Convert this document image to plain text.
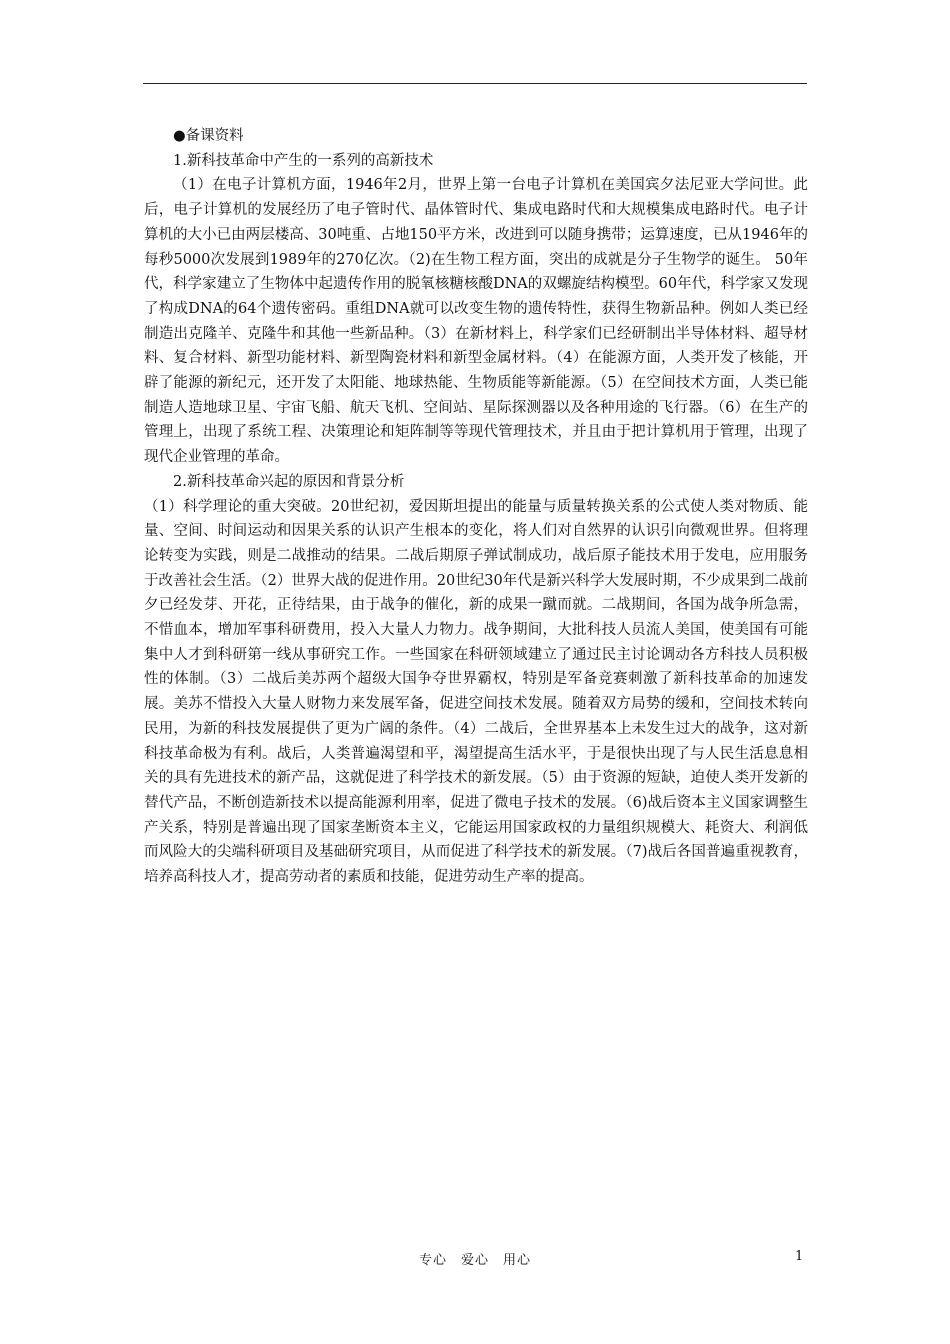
●备课资料

1.新科技革命中产生的一系列的高新技术

（1）在电子计算机方面，1946年2月，世界上第一台电子计算机在美国宾夕法尼亚大学问世。此后，电子计算机的发展经历了电子管时代、晶体管时代、集成电路时代和大规模集成电路时代。电子计算机的大小已由两层楼高、30吨重、占地150平方米，改进到可以随身携带；运算速度，已从1946年的每秒5000次发展到1989年的270亿次。（2)在生物工程方面，突出的成就是分子生物学的诞生。 50年代，科学家建立了生物体中起遗传作用的脱氧核糖核酸DNA的双螺旋结构模型。60年代，科学家又发现了构成DNA的64个遗传密码。重组DNA就可以改变生物的遗传特性，获得生物新品种。例如人类已经制造出克隆羊、克隆牛和其他一些新品种。（3）在新材料上，科学家们已经研制出半导体材料、超导材料、复合材料、新型功能材料、新型陶瓷材料和新型金属材料。（4）在能源方面，人类开发了核能，开辟了能源的新纪元，还开发了太阳能、地球热能、生物质能等新能源。（5）在空间技术方面，人类已能制造人造地球卫星、宇宙飞船、航天飞机、空间站、星际探测器以及各种用途的飞行器。（6）在生产的管理上，出现了系统工程、决策理论和矩阵制等等现代管理技术，并且由于把计算机用于管理，出现了现代企业管理的革命。

2.新科技革命兴起的原因和背景分析

（1）科学理论的重大突破。20世纪初，爱因斯坦提出的能量与质量转换关系的公式使人类对物质、能量、空间、时间运动和因果关系的认识产生根本的变化，将人们对自然界的认识引向微观世界。但将理论转变为实践，则是二战推动的结果。二战后期原子弹试制成功，战后原子能技术用于发电，应用服务于改善社会生活。（2）世界大战的促进作用。20世纪30年代是新兴科学大发展时期，不少成果到二战前夕已经发芽、开花，正待结果，由于战争的催化，新的成果一蹴而就。二战期间，各国为战争所急需，不惜血本，增加军事科研费用，投入大量人力物力。战争期间，大批科技人员流人美国，使美国有可能集中人才到科研第一线从事研究工作。一些国家在科研领域建立了通过民主讨论调动各方科技人员积极性的体制。（3）二战后美苏两个超级大国争夺世界霸权，特别是军备竞赛刺激了新科技革命的加速发展。美苏不惜投入大量人财物力来发展军备，促进空间技术发展。随着双方局势的缓和，空间技术转向民用，为新的科技发展提供了更为广阔的条件。（4）二战后，全世界基本上未发生过大的战争，这对新科技革命极为有利。战后，人类普遍渴望和平，渴望提高生活水平，于是很快出现了与人民生活息息相关的具有先进技术的新产品，这就促进了科学技术的新发展。（5）由于资源的短缺，迫使人类开发新的替代产品，不断创造新技术以提高能源利用率，促进了微电子技术的发展。（6)战后资本主义国家调整生产关系，特别是普遍出现了国家垄断资本主义，它能运用国家政权的力量组织规模大、耗资大、利润低而风险大的尖端科研项目及基础研究项目，从而促进了科学技术的新发展。（7)战后各国普遍重视教育，培养高科技人才，提高劳动者的素质和技能，促进劳动生产率的提高。

专心　爱心　用心	1
